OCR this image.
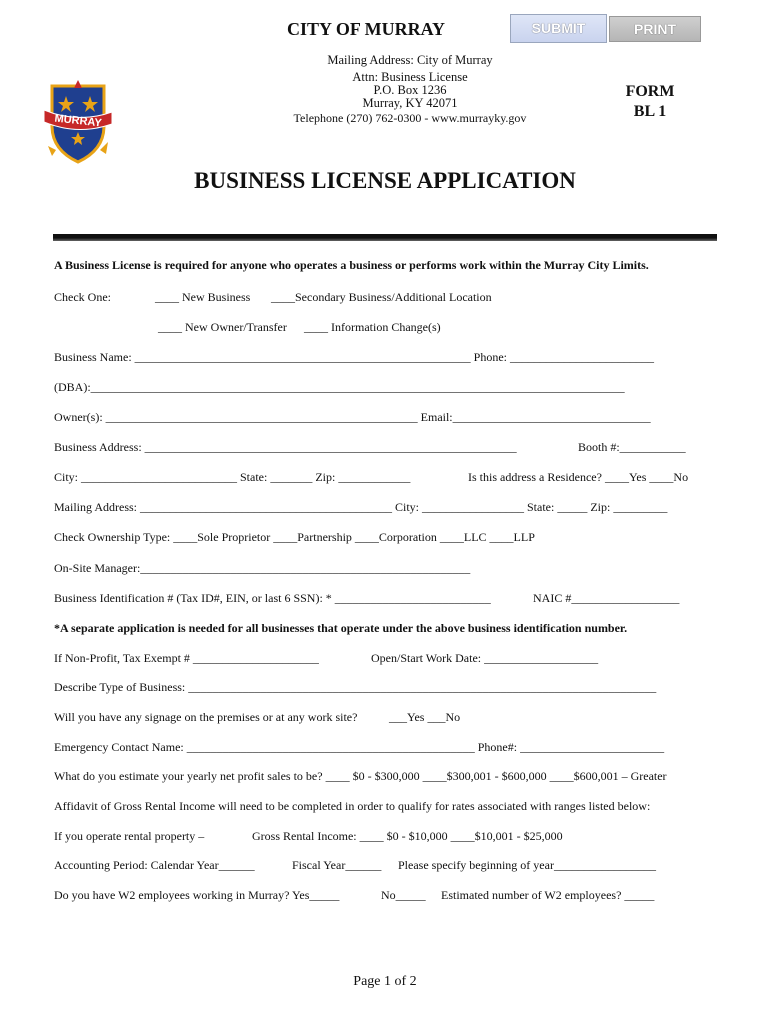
SUBMIT	PRINT
MURRAY
CITY OF MURRAY
Mailing Address: City of Murray
Attn: Business License
P.O. Box 1236
Murray, KY 42071
Telephone (270) 762-0300 - www.murrayky.gov
FORM
BL 1
BUSINESS LICENSE APPLICATION
A Business License is required for anyone who operates a business or performs work within the Murray City Limits.
Check One:	____ New Business ____Secondary Business/Additional Location
____ New Owner/Transfer ____ Information Change(s)
Business Name: ________________________________________________________ Phone: ________________________
(DBA):_________________________________________________________________________________________
Owner(s): ____________________________________________________ Email:_________________________________
Business Address: ______________________________________________________________	Booth #:___________
City: __________________________ State: _______ Zip: ____________	Is this address a Residence? ____Yes ____No
Mailing Address: __________________________________________ City: _________________ State: _____ Zip: _________
Check Ownership Type: ____Sole Proprietor ____Partnership ____Corporation ____LLC ____LLP
On-Site Manager:_______________________________________________________
Business Identification # (Tax ID#, EIN, or last 6 SSN): * __________________________	NAIC #__________________
*A separate application is needed for all businesses that operate under the above business identification number.
If Non-Profit, Tax Exempt # _____________________	Open/Start Work Date: ___________________
Describe Type of Business: ______________________________________________________________________________
Will you have any signage on the premises or at any work site?	___Yes ___No
Emergency Contact Name: ________________________________________________ Phone#: ________________________
What do you estimate your yearly net profit sales to be? ____ $0 - $300,000 ____$300,001 - $600,000 ____$600,001 – Greater
Affidavit of Gross Rental Income will need to be completed in order to qualify for rates associated with ranges listed below:
If you operate rental property –	Gross Rental Income: ____ $0 - $10,000 ____$10,001 - $25,000
Accounting Period: Calendar Year______	Fiscal Year______ Please specify beginning of year_________________
Do you have W2 employees working in Murray? Yes_____	No_____ Estimated number of W2 employees? _____
Page 1 of 2
